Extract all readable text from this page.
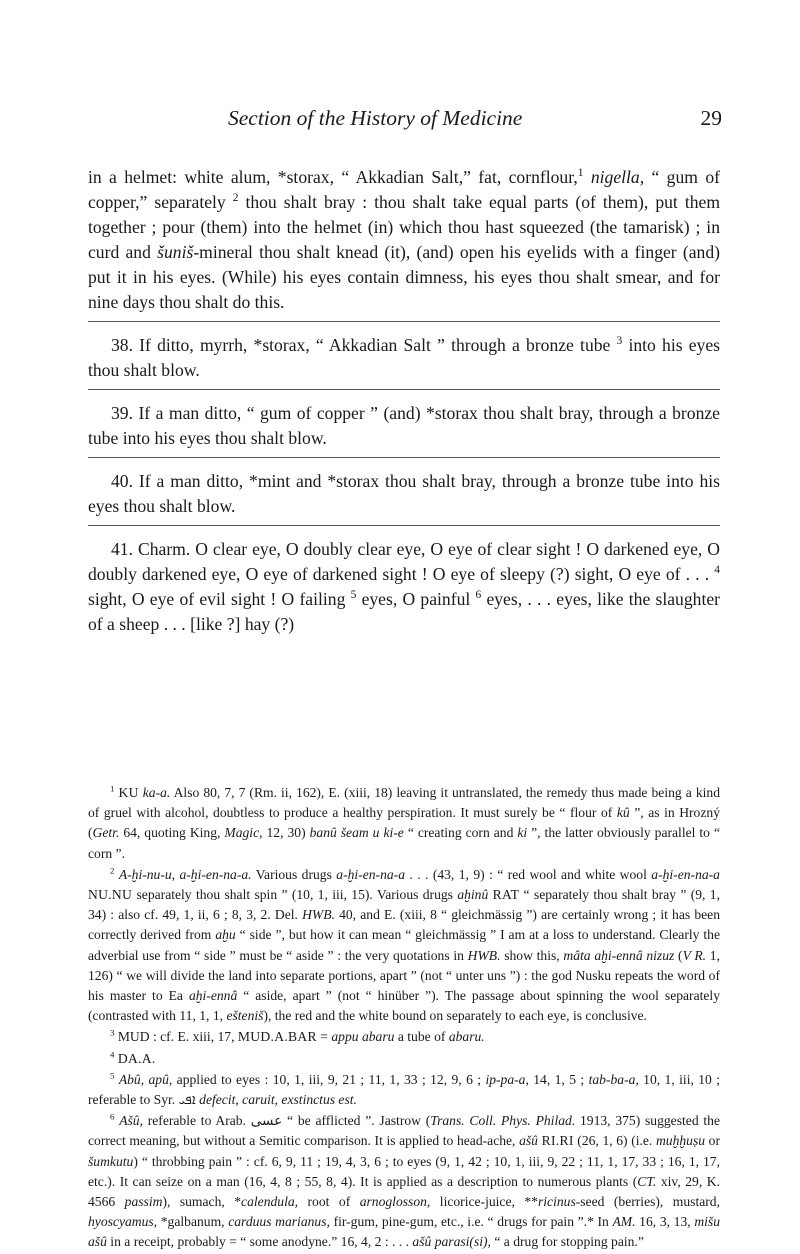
Section of the History of Medicine	29

in a helmet: white alum, *storax, “ Akkadian Salt,” fat, cornflour,$^1$ nigella, “ gum of copper,” separately $^2$ thou shalt bray : thou shalt take equal parts (of them), put them together ; pour (them) into the helmet (in) which thou hast squeezed (the tamarisk) ; in curd and šuniš-mineral thou shalt knead (it), (and) open his eyelids with a finger (and) put it in his eyes. (While) his eyes contain dimness, his eyes thou shalt smear, and for nine days thou shalt do this.

38. If ditto, myrrh, *storax, “ Akkadian Salt ” through a bronze tube $^3$ into his eyes thou shalt blow.

39. If a man ditto, “ gum of copper ” (and) *storax thou shalt bray, through a bronze tube into his eyes thou shalt blow.

40. If a man ditto, *mint and *storax thou shalt bray, through a bronze tube into his eyes thou shalt blow.

41. Charm. O clear eye, O doubly clear eye, O eye of clear sight ! O darkened eye, O doubly darkened eye, O eye of darkened sight ! O eye of sleepy (?) sight, O eye of . . . $^4$ sight, O eye of evil sight ! O failing $^5$ eyes, O painful $^6$ eyes, . . . eyes, like the slaughter of a sheep . . . [like ?] hay (?)

$^1$ KU ka-a. Also 80, 7, 7 (Rm. ii, 162), E. (xiii, 18) leaving it untranslated, the remedy thus made being a kind of gruel with alcohol, doubtless to produce a healthy perspiration. It must surely be “ flour of kû ”, as in Hrozný (Getr. 64, quoting King, Magic, 12, 30) banû šeam u ki-e “ creating corn and ki ”, the latter obviously parallel to “ corn ”.

$^2$ A-ḫi-nu-u, a-ḫi-en-na-a. Various drugs a-ḫi-en-na-a . . . (43, 1, 9) : “ red wool and white wool a-ḫi-en-na-a NU.NU separately thou shalt spin ” (10, 1, iii, 15). Various drugs aḫinû RAT “ separately thou shalt bray ” (9, 1, 34) : also cf. 49, 1, ii, 6 ; 8, 3, 2. Del. HWB. 40, and E. (xiii, 8 “ gleichmässig ”) are certainly wrong ; it has been correctly derived from aḫu “ side ”, but how it can mean “ gleichmässig ” I am at a loss to understand. Clearly the adverbial use from “ side ” must be “ aside ” : the very quotations in HWB. show this, mâta aḫi-ennâ nizuz (V R. 1, 126) “ we will divide the land into separate portions, apart ” (not “ unter uns ”) : the god Nusku repeats the word of his master to Ea aḫi-ennâ “ aside, apart ” (not “ hinüber ”). The passage about spinning the wool separately (contrasted with 11, 1, 1, ešteniš), the red and the white bound on separately to each eye, is conclusive.

$^3$ MUD : cf. E. xiii, 17, MUD.A.BAR = appu abaru a tube of abaru.

$^4$ DA.A.

$^5$ Abû, apû, applied to eyes : 10, 1, iii, 9, 21 ; 11, 1, 33 ; 12, 9, 6 ; ip-pa-a, 14, 1, 5 ; tab-ba-a, 10, 1, iii, 10 ; referable to Syr. ܐܦܝ defecit, caruit, exstinctus est.

$^6$ Ašû, referable to Arab. عسى “ be afflicted ”. Jastrow (Trans. Coll. Phys. Philad. 1913, 375) suggested the correct meaning, but without a Semitic comparison. It is applied to head-ache, ašû RI.RI (26, 1, 6) (i.e. muḫḫuṣu or šumkutu) “ throbbing pain ” : cf. 6, 9, 11 ; 19, 4, 3, 6 ; to eyes (9, 1, 42 ; 10, 1, iii, 9, 22 ; 11, 1, 17, 33 ; 16, 1, 17, etc.). It can seize on a man (16, 4, 8 ; 55, 8, 4). It is applied as a description to numerous plants (CT. xiv, 29, K. 4566 passim), sumach, *calendula, root of arnoglosson, licorice-juice, **ricinus-seed (berries), mustard, hyoscyamus, *galbanum, carduus marianus, fir-gum, pine-gum, etc., i.e. “ drugs for pain ”.* In AM. 16, 3, 13, mišu ašû in a receipt, probably = “ some anodyne.” 16, 4, 2 : . . . ašû parasi(si), “ a drug for stopping pain.”
